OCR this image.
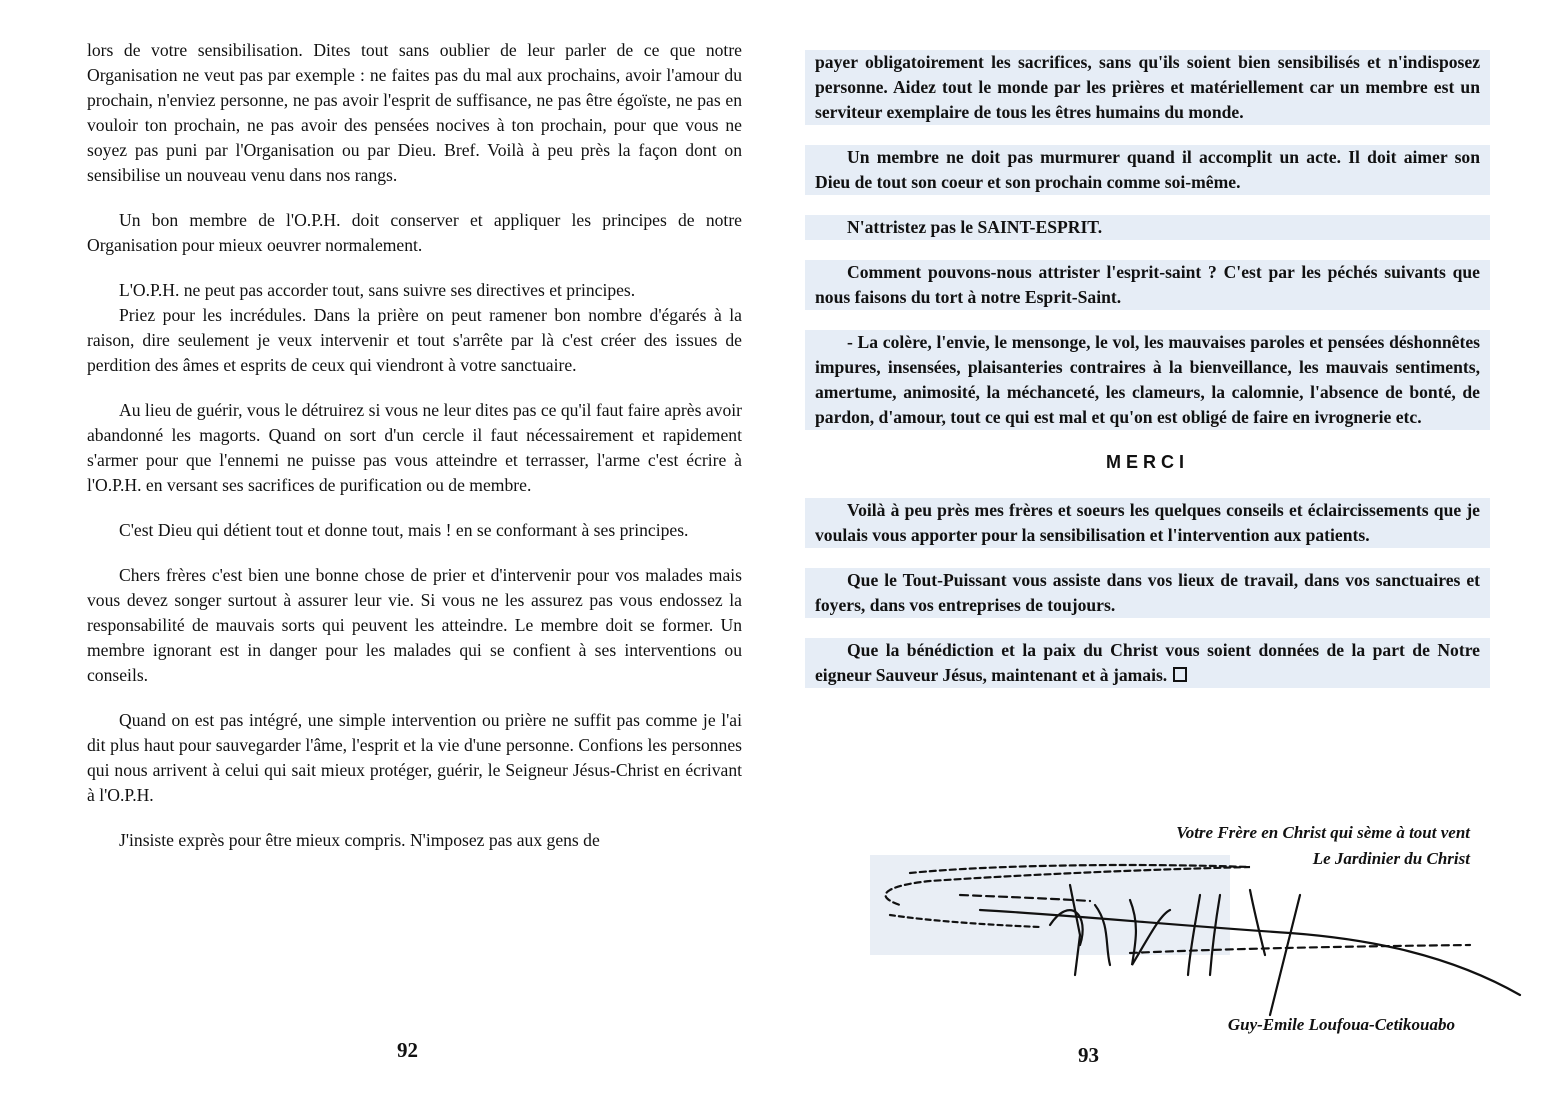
lors de votre sensibilisation. Dites tout sans oublier de leur parler de ce que notre Organisation ne veut pas par exemple : ne faites pas du mal aux prochains, avoir l'amour du prochain, n'enviez personne, ne pas avoir l'esprit de suffisance, ne pas être égoïste, ne pas en vouloir ton prochain, ne pas avoir des pensées nocives à ton prochain, pour que vous ne soyez pas puni par l'Organisation ou par Dieu. Bref. Voilà à peu près la façon dont on sensibilise un nouveau venu dans nos rangs.

Un bon membre de l'O.P.H. doit conserver et appliquer les principes de notre Organisation pour mieux oeuvrer normalement.

L'O.P.H. ne peut pas accorder tout, sans suivre ses directives et principes.

Priez pour les incrédules. Dans la prière on peut ramener bon nombre d'égarés à la raison, dire seulement je veux intervenir et tout s'arrête par là c'est créer des issues de perdition des âmes et esprits de ceux qui viendront à votre sanctuaire.

Au lieu de guérir, vous le détruirez si vous ne leur dites pas ce qu'il faut faire après avoir abandonné les magorts. Quand on sort d'un cercle il faut nécessairement et rapidement s'armer pour que l'ennemi ne puisse pas vous atteindre et terrasser, l'arme c'est écrire à l'O.P.H. en versant ses sacrifices de purification ou de membre.

C'est Dieu qui détient tout et donne tout, mais ! en se conformant à ses principes.

Chers frères c'est bien une bonne chose de prier et d'intervenir pour vos malades mais vous devez songer surtout à assurer leur vie. Si vous ne les assurez pas vous endossez la responsabilité de mauvais sorts qui peuvent les atteindre. Le membre doit se former. Un membre ignorant est in danger pour les malades qui se confient à ses interventions ou conseils.

Quand on est pas intégré, une simple intervention ou prière ne suffit pas comme je l'ai dit plus haut pour sauvegarder l'âme, l'esprit et la vie d'une personne. Confions les personnes qui nous arrivent à celui qui sait mieux protéger, guérir, le Seigneur Jésus-Christ en écrivant à l'O.P.H.

J'insiste exprès pour être mieux compris. N'imposez pas aux gens de

92

payer obligatoirement les sacrifices, sans qu'ils soient bien sensibilisés et n'indisposez personne. Aidez tout le monde par les prières et matériellement car un membre est un serviteur exemplaire de tous les êtres humains du monde.

Un membre ne doit pas murmurer quand il accomplit un acte. Il doit aimer son Dieu de tout son coeur et son prochain comme soi-même.

N'attristez pas le SAINT-ESPRIT.

Comment pouvons-nous attrister l'esprit-saint ? C'est par les péchés suivants que nous faisons du tort à notre Esprit-Saint.

- La colère, l'envie, le mensonge, le vol, les mauvaises paroles et pensées déshonnêtes impures, insensées, plaisanteries contraires à la bienveillance, les mauvais sentiments, amertume, animosité, la méchanceté, les clameurs, la calomnie, l'absence de bonté, de pardon, d'amour, tout ce qui est mal et qu'on est obligé de faire en ivrognerie etc.

MERCI

Voilà à peu près mes frères et soeurs les quelques conseils et éclaircissements que je voulais vous apporter pour la sensibilisation et l'intervention aux patients.

Que le Tout-Puissant vous assiste dans vos lieux de travail, dans vos sanctuaires et foyers, dans vos entreprises de toujours.

Que la bénédiction et la paix du Christ vous soient données de la part de Notre eigneur Sauveur Jésus, maintenant et à jamais.

Votre Frère en Christ qui sème à tout vent
Le Jardinier du Christ
Guy-Emile Loufoua-Cetikouabo
93
